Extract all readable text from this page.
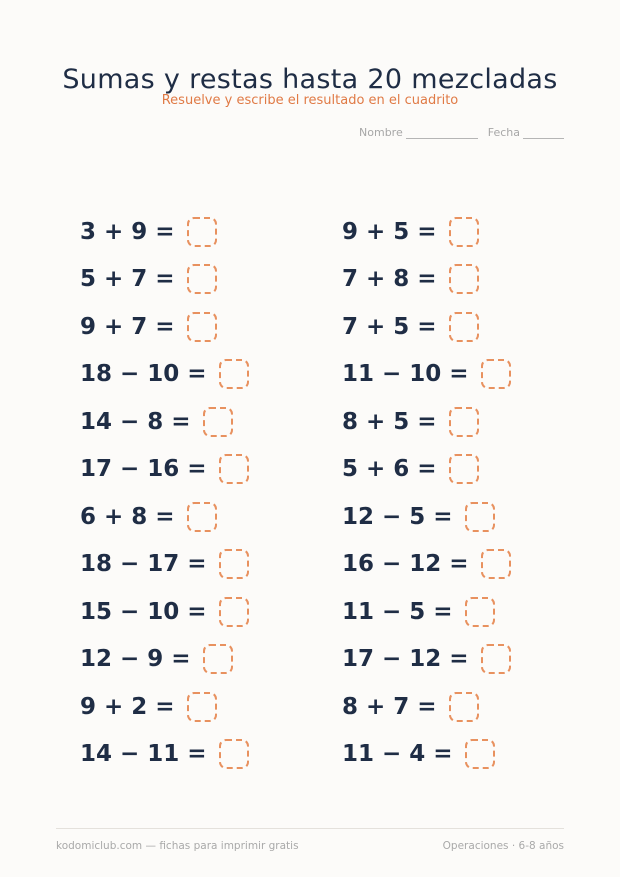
Sumas y restas hasta 20 mezcladas
Resuelve y escribe el resultado en el cuadrito
Nombre	Fecha
3 + 9 =
5 + 7 =
9 + 7 =
18 − 10 =
14 − 8 =
17 − 16 =
6 + 8 =
18 − 17 =
15 − 10 =
12 − 9 =
9 + 2 =
14 − 11 =
9 + 5 =
7 + 8 =
7 + 5 =
11 − 10 =
8 + 5 =
5 + 6 =
12 − 5 =
16 − 12 =
11 − 5 =
17 − 12 =
8 + 7 =
11 − 4 =
kodomiclub.com — fichas para imprimir gratis	Operaciones · 6-8 años
